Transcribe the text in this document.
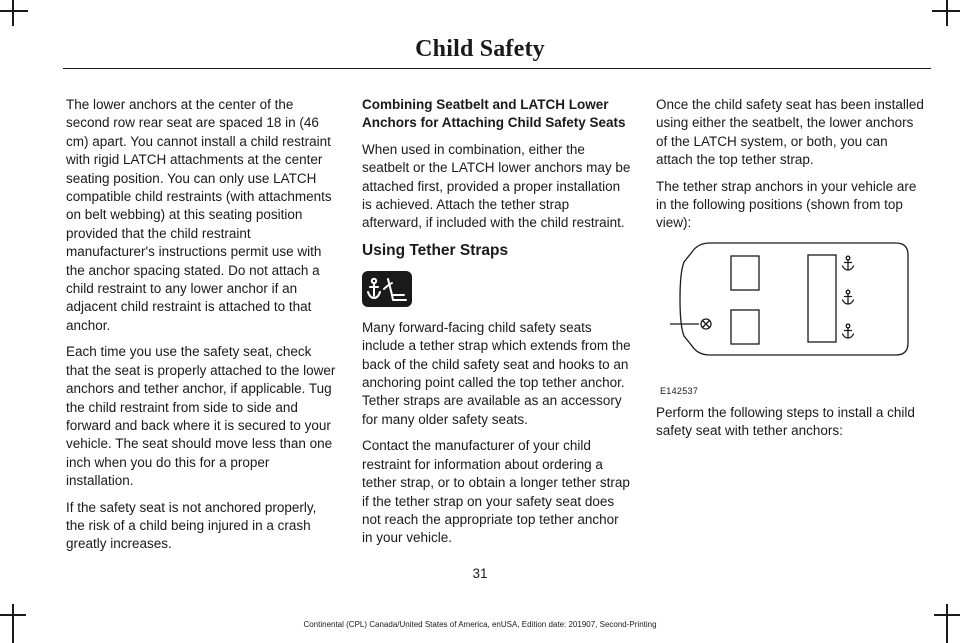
Child Safety

The lower anchors at the center of the second row rear seat are spaced 18 in (46 cm) apart. You cannot install a child restraint with rigid LATCH attachments at the center seating position. You can only use LATCH compatible child restraints (with attachments on belt webbing) at this seating position provided that the child restraint manufacturer's instructions permit use with the anchor spacing stated. Do not attach a child restraint to any lower anchor if an adjacent child restraint is attached to that anchor.

Each time you use the safety seat, check that the seat is properly attached to the lower anchors and tether anchor, if applicable. Tug the child restraint from side to side and forward and back where it is secured to your vehicle. The seat should move less than one inch when you do this for a proper installation.

If the safety seat is not anchored properly, the risk of a child being injured in a crash greatly increases.

Combining Seatbelt and LATCH Lower Anchors for Attaching Child Safety Seats

When used in combination, either the seatbelt or the LATCH lower anchors may be attached first, provided a proper installation is achieved. Attach the tether strap afterward, if included with the child restraint.

Using Tether Straps

Many forward-facing child safety seats include a tether strap which extends from the back of the child safety seat and hooks to an anchoring point called the top tether anchor. Tether straps are available as an accessory for many older safety seats.

Contact the manufacturer of your child restraint for information about ordering a tether strap, or to obtain a longer tether strap if the tether strap on your safety seat does not reach the appropriate top tether anchor in your vehicle.

Once the child safety seat has been installed using either the seatbelt, the lower anchors of the LATCH system, or both, you can attach the top tether strap.

The tether strap anchors in your vehicle are in the following positions (shown from top view):

E142537

Perform the following steps to install a child safety seat with tether anchors:

31
Continental (CPL) Canada/United States of America, enUSA, Edition date: 201907, Second-Printing
